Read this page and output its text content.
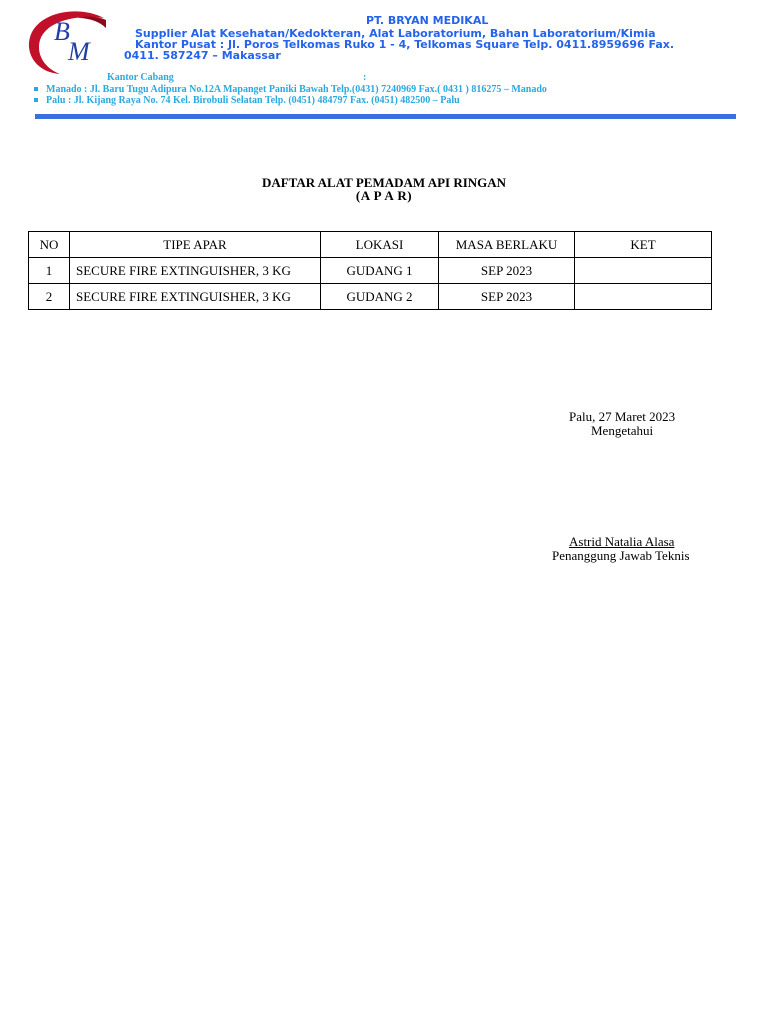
B
M
PT. BRYAN MEDIKAL
Supplier Alat Kesehatan/Kedokteran, Alat Laboratorium, Bahan Laboratorium/Kimia
Kantor Pusat : Jl. Poros Telkomas Ruko 1 - 4, Telkomas Square Telp. 0411.8959696 Fax.
0411. 587247 – Makassar
Kantor Cabang	:
Manado : Jl. Baru Tugu Adipura No.12A Mapanget Paniki Bawah Telp.(0431) 7240969 Fax.( 0431 ) 816275 – Manado
Palu : Jl. Kijang Raya No. 74 Kel. Birobuli Selatan Telp. (0451) 484797 Fax. (0451) 482500 – Palu
DAFTAR ALAT PEMADAM API RINGAN
(A P A R)
NO	TIPE APAR	LOKASI	MASA BERLAKU	KET
1	SECURE FIRE EXTINGUISHER, 3 KG	GUDANG 1	SEP 2023	
2	SECURE FIRE EXTINGUISHER, 3 KG	GUDANG 2	SEP 2023	
Palu, 27 Maret 2023
Mengetahui
Astrid Natalia Alasa
Penanggung Jawab Teknis
